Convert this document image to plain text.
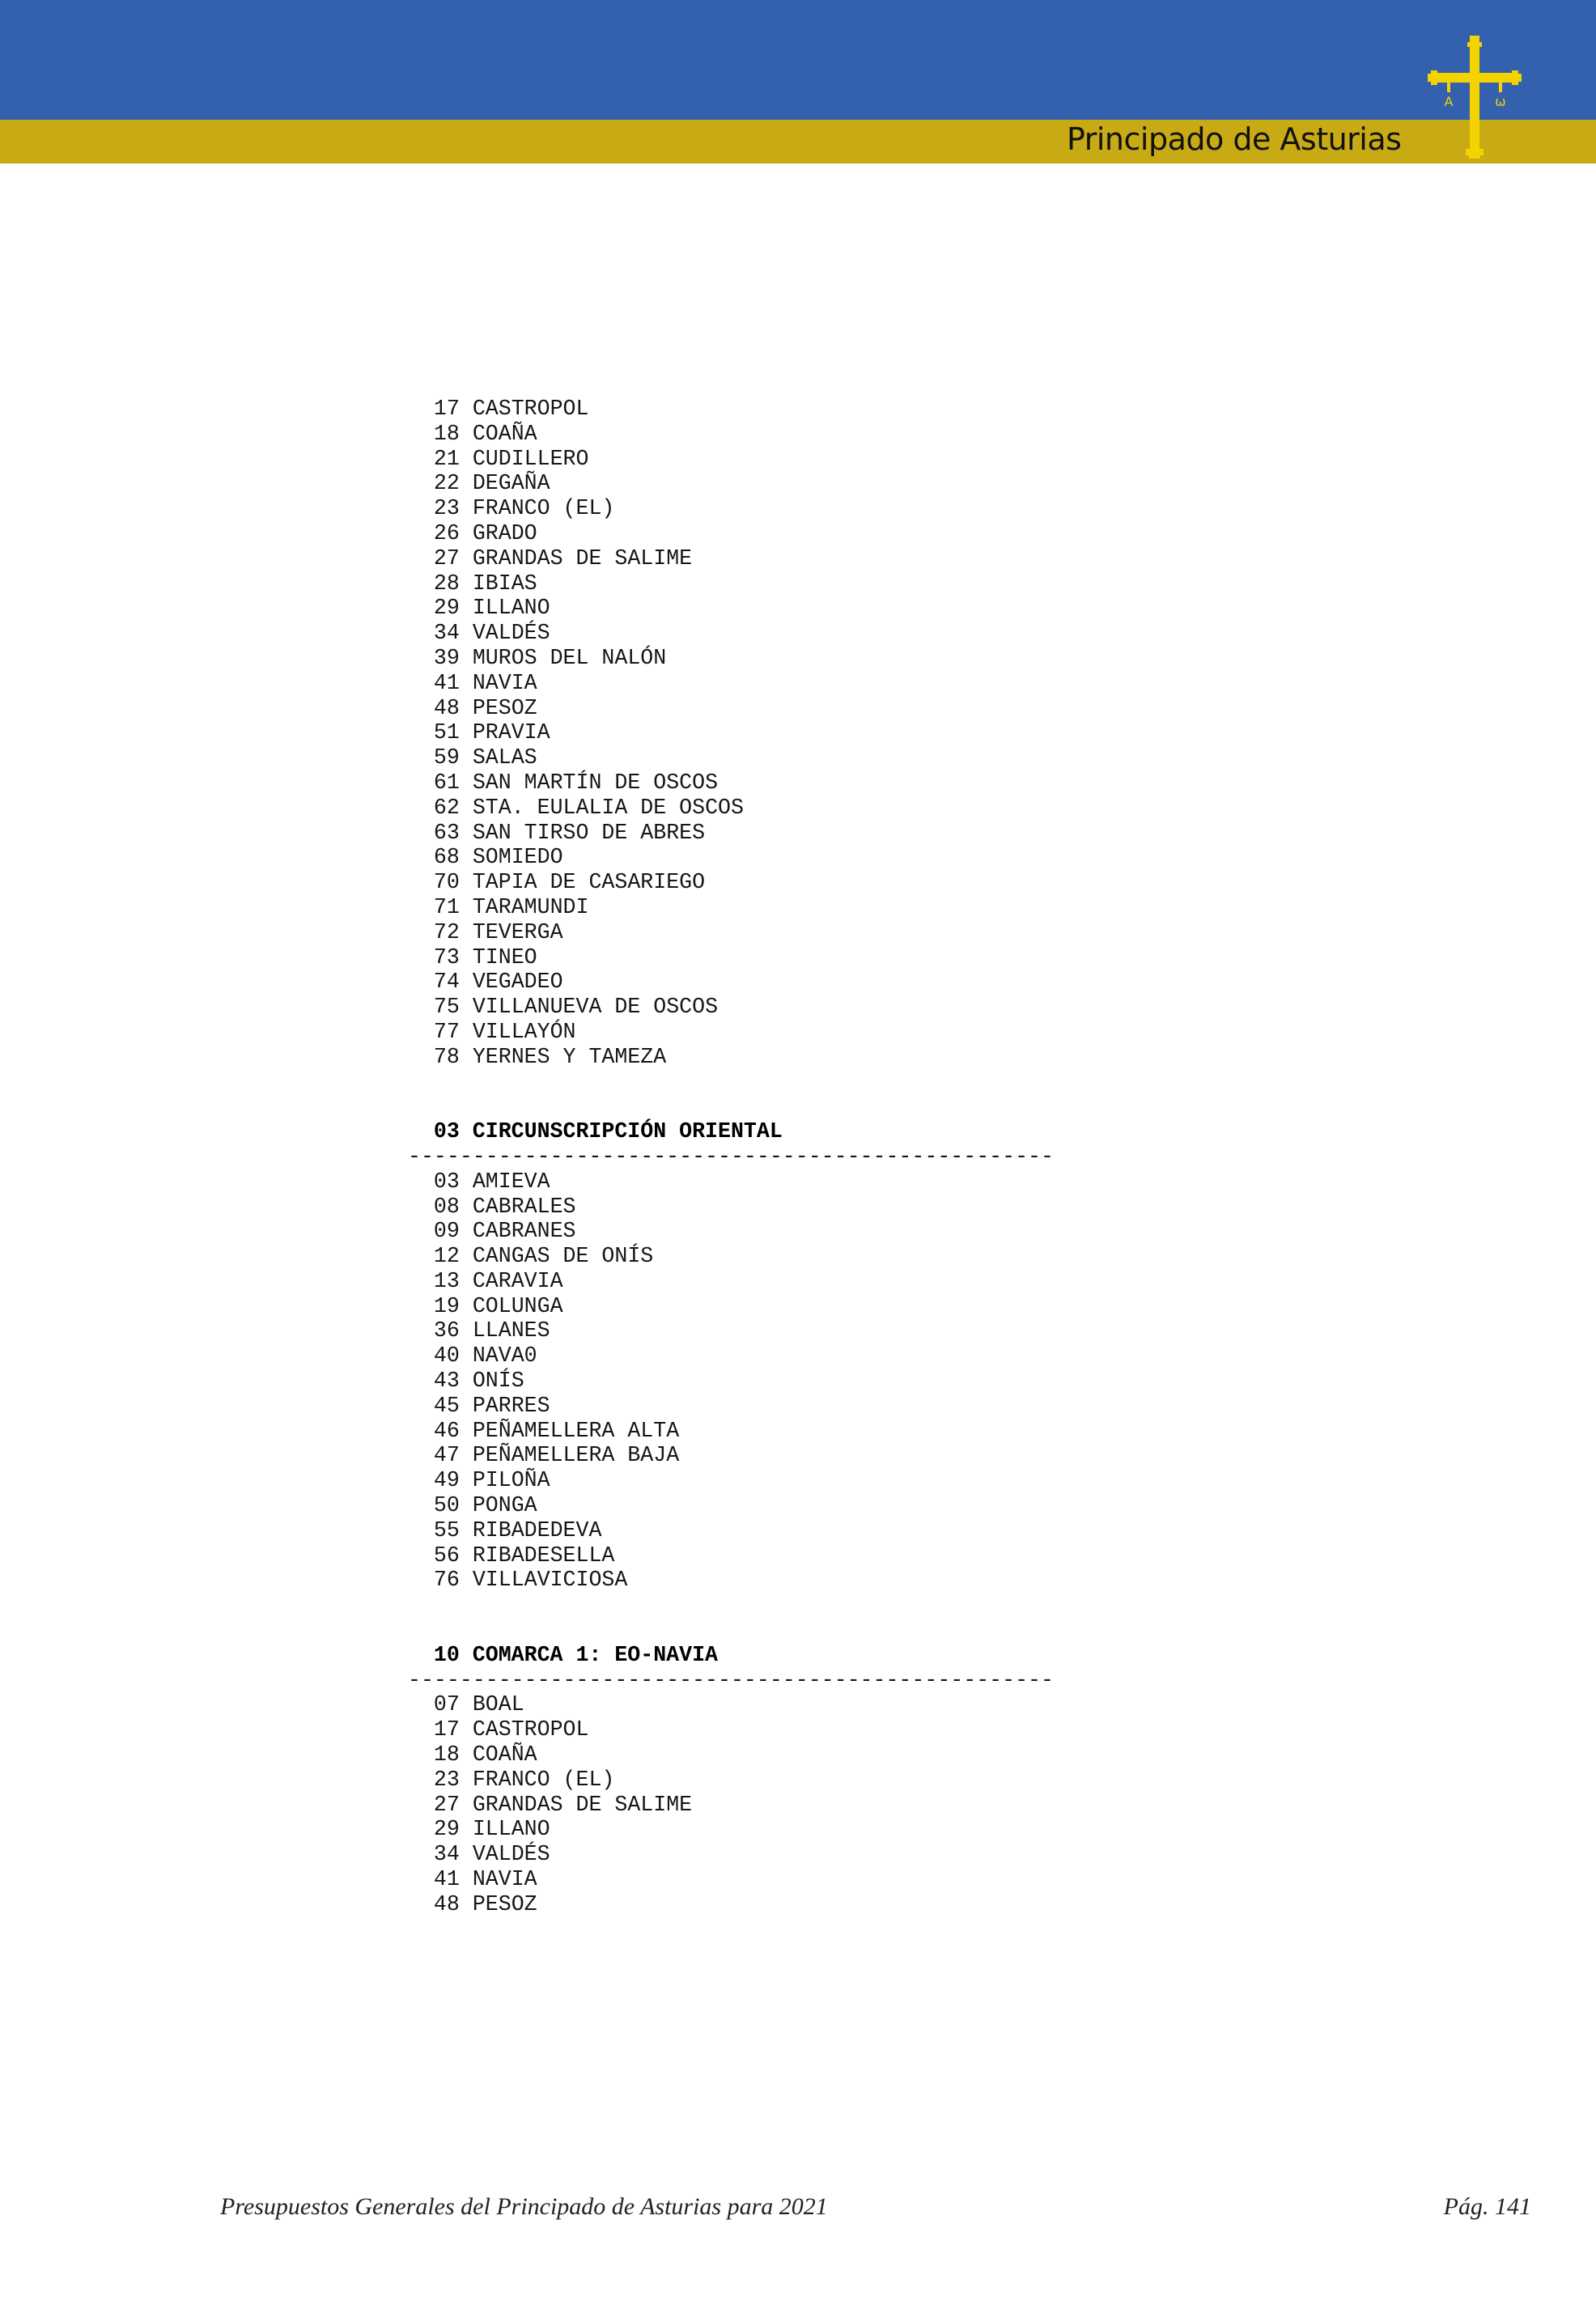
Principado de Asturias
A	ω
17 CASTROPOL
18 COAÑA
21 CUDILLERO
22 DEGAÑA
23 FRANCO (EL)
26 GRADO
27 GRANDAS DE SALIME
28 IBIAS
29 ILLANO
34 VALDÉS
39 MUROS DEL NALÓN
41 NAVIA
48 PESOZ
51 PRAVIA
59 SALAS
61 SAN MARTÍN DE OSCOS
62 STA. EULALIA DE OSCOS
63 SAN TIRSO DE ABRES
68 SOMIEDO
70 TAPIA DE CASARIEGO
71 TARAMUNDI
72 TEVERGA
73 TINEO
74 VEGADEO
75 VILLANUEVA DE OSCOS
77 VILLAYÓN
78 YERNES Y TAMEZA
03 CIRCUNSCRIPCIÓN ORIENTAL
--------------------------------------------------
03 AMIEVA
08 CABRALES
09 CABRANES
12 CANGAS DE ONÍS
13 CARAVIA
19 COLUNGA
36 LLANES
40 NAVA0
43 ONÍS
45 PARRES
46 PEÑAMELLERA ALTA
47 PEÑAMELLERA BAJA
49 PILOÑA
50 PONGA
55 RIBADEDEVA
56 RIBADESELLA
76 VILLAVICIOSA
10 COMARCA 1: EO-NAVIA
--------------------------------------------------
07 BOAL
17 CASTROPOL
18 COAÑA
23 FRANCO (EL)
27 GRANDAS DE SALIME
29 ILLANO
34 VALDÉS
41 NAVIA
48 PESOZ
Presupuestos Generales del Principado de Asturias para 2021	Pág. 141
